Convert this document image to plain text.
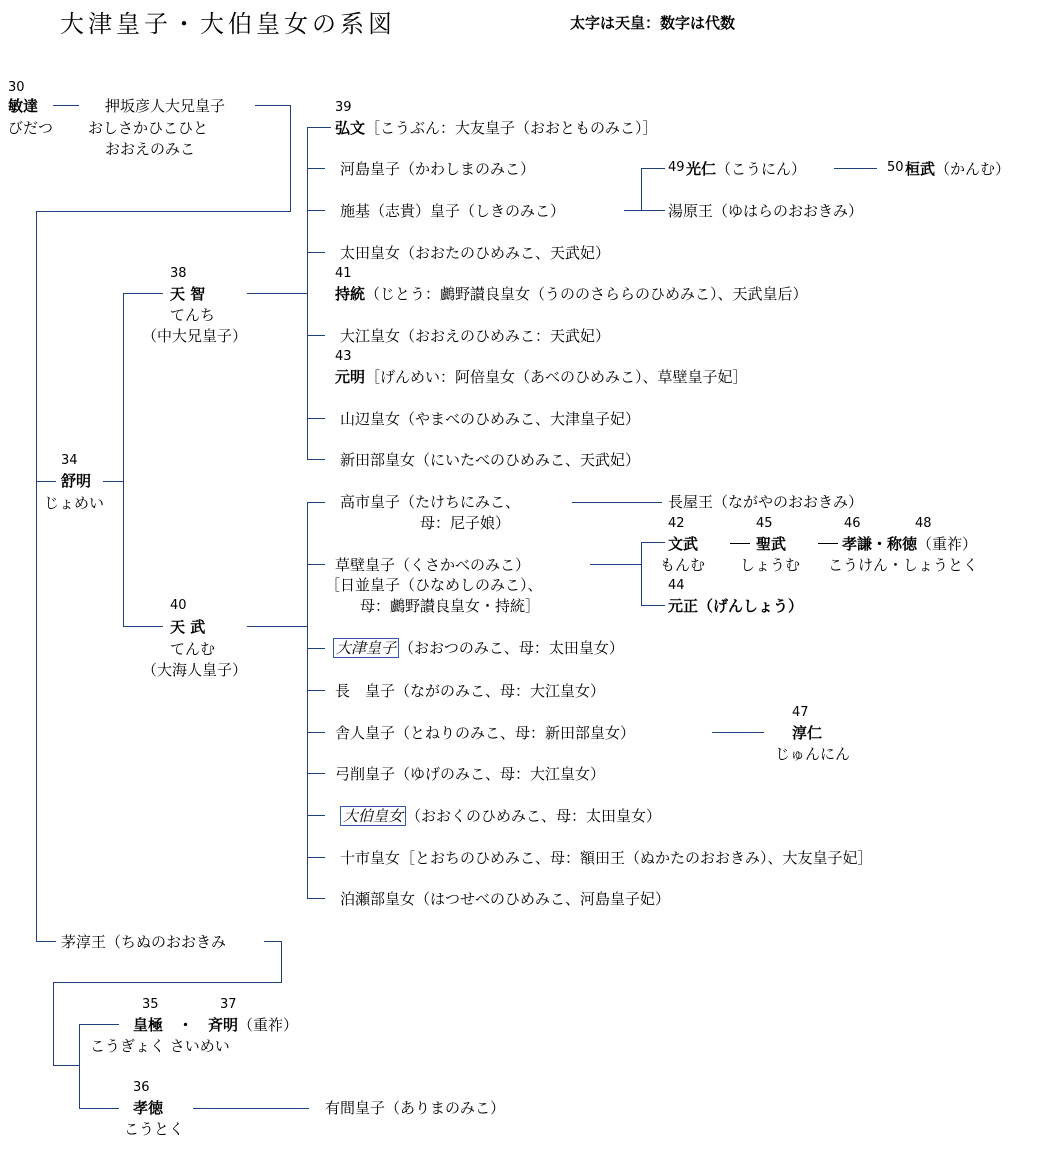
大津皇子・大伯皇女の系図	太字は天皇：数字は代数
30
敏達
びだつ
押坂彦人大兄皇子
おしさかひこひと
おおえのみこ
34
舒明
じょめい
38
天 智
てんち
（中大兄皇子）
40
天 武
てんむ
（大海人皇子）
39
弘文［こうぶん：大友皇子（おおとものみこ）］
河島皇子（かわしまのみこ）
施基（志貴）皇子（しきのみこ）
49 光仁（こうにん）	50 桓武（かんむ）
湯原王（ゆはらのおおきみ）
太田皇女（おおたのひめみこ、天武妃）
41
持統（じとう：鸕野讃良皇女（うののさららのひめみこ）、天武皇后）
大江皇女（おおえのひめみこ：天武妃）
43
元明［げんめい：阿倍皇女（あべのひめみこ）、草壁皇子妃］
山辺皇女（やまべのひめみこ、大津皇子妃）
新田部皇女（にいたべのひめみこ、天武妃）
高市皇子（たけちにみこ、
母：尼子娘）
長屋王（ながやのおおきみ）
草壁皇子（くさかべのみこ）
［日並皇子（ひなめしのみこ）、
母：鸕野讃良皇女・持統］
42
文武
もんむ
45
聖武
しょうむ
46	48
孝謙・称徳（重祚）
こうけん・しょうとく
44
元正（げんしょう）
大津皇子 （おおつのみこ、母：太田皇女）
長　皇子（ながのみこ、母：大江皇女）
舎人皇子（とねりのみこ、母：新田部皇女）
47
淳仁
じゅんにん
弓削皇子（ゆげのみこ、母：大江皇女）
大伯皇女 （おおくのひめみこ、母：太田皇女）
十市皇女［とおちのひめみこ、母：額田王（ぬかたのおおきみ）、大友皇子妃］
泊瀬部皇女（はつせべのひめみこ、河島皇子妃）
茅淳王（ちぬのおおきみ
35	37
皇極　・　斉明（重祚）
こうぎょく さいめい
36
孝徳
こうとく
有間皇子（ありまのみこ）
